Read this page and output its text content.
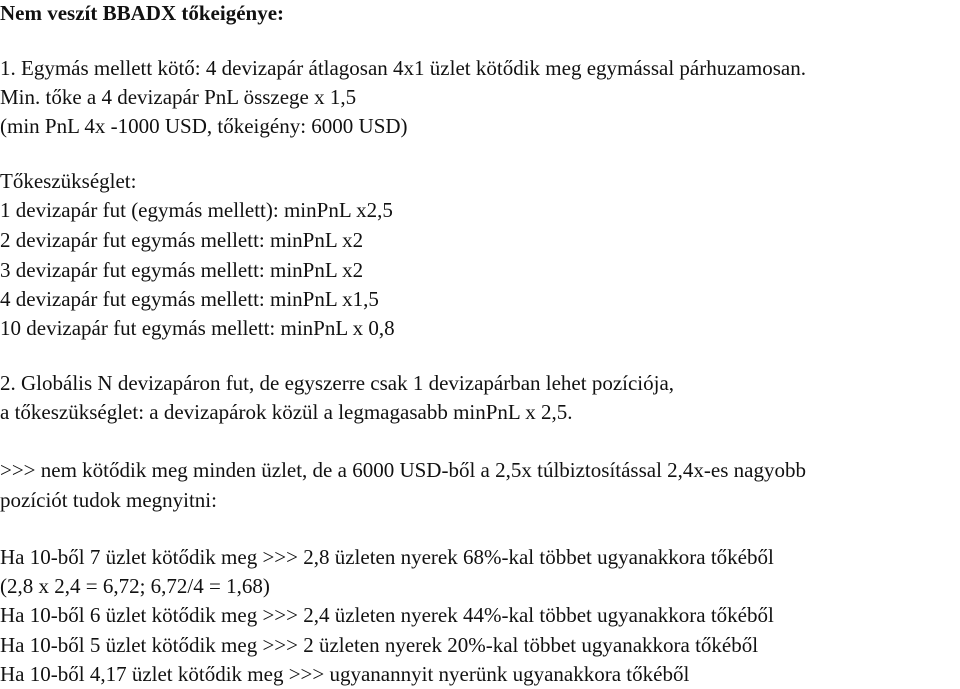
Nem veszít BBADX tőkeigénye:
1. Egymás mellett kötő: 4 devizapár átlagosan 4x1 üzlet kötődik meg egymással párhuzamosan.
Min. tőke a 4 devizapár PnL összege x 1,5
(min PnL 4x -1000 USD, tőkeigény: 6000 USD)
Tőkeszükséglet:
1 devizapár fut (egymás mellett): minPnL x2,5
2 devizapár fut egymás mellett: minPnL x2
3 devizapár fut egymás mellett: minPnL x2
4 devizapár fut egymás mellett: minPnL x1,5
10 devizapár fut egymás mellett: minPnL x 0,8
2. Globális N devizapáron fut, de egyszerre csak 1 devizapárban lehet pozíciója,
a tőkeszükséglet: a devizapárok közül a legmagasabb minPnL x 2,5.
>>> nem kötődik meg minden üzlet, de a 6000 USD-ből a 2,5x túlbiztosítással 2,4x-es nagyobb
pozíciót tudok megnyitni:
Ha 10-ből 7 üzlet kötődik meg >>> 2,8 üzleten nyerek 68%-kal többet ugyanakkora tőkéből
(2,8 x 2,4 = 6,72; 6,72/4 = 1,68)
Ha 10-ből 6 üzlet kötődik meg >>> 2,4 üzleten nyerek 44%-kal többet ugyanakkora tőkéből
Ha 10-ből 5 üzlet kötődik meg >>> 2 üzleten nyerek 20%-kal többet ugyanakkora tőkéből
Ha 10-ből 4,17 üzlet kötődik meg >>> ugyanannyit nyerünk ugyanakkora tőkéből
